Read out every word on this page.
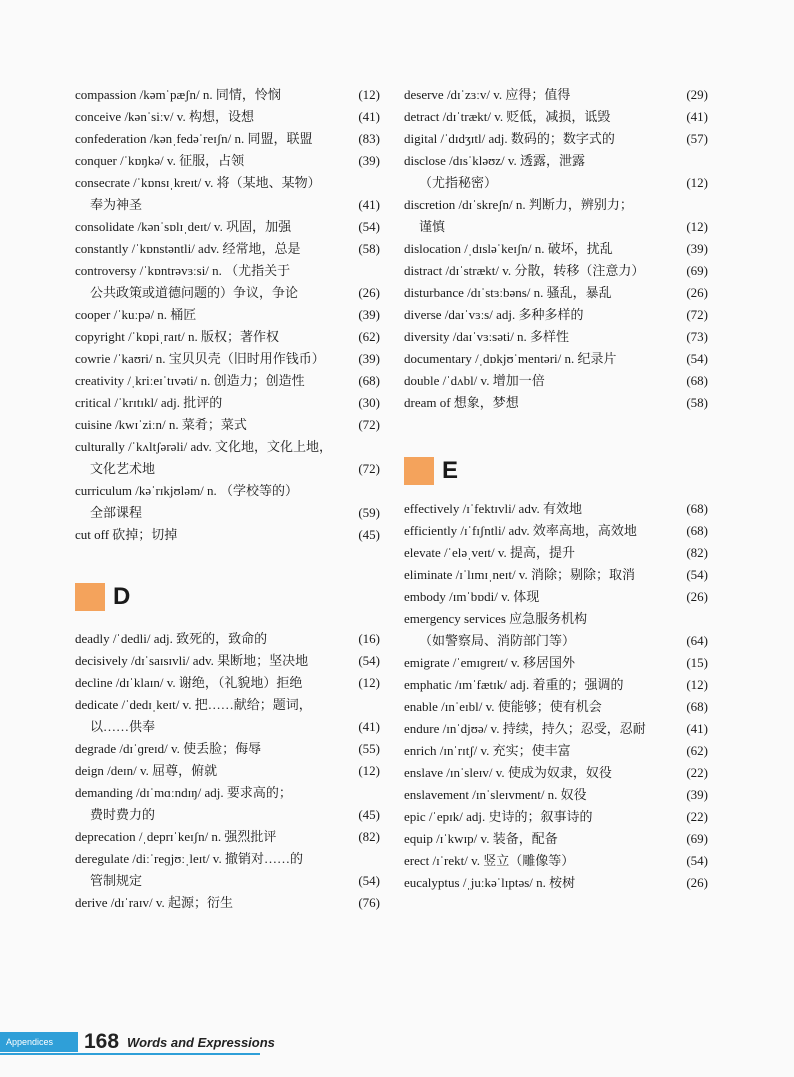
compassion /kəmˈpæʃn/ n. 同情，怜悯	(12)
conceive /kənˈsiːv/ v. 构想，设想	(41)
confederation /kənˌfedəˈreɪʃn/ n. 同盟，联盟	(83)
conquer /ˈkɒŋkə/ v. 征服，占领	(39)
consecrate /ˈkɒnsɪˌkreɪt/ v. 将（某地、某物）
奉为神圣	(41)
consolidate /kənˈsɒlɪˌdeɪt/ v. 巩固，加强	(54)
constantly /ˈkɒnstəntli/ adv. 经常地，总是	(58)
controversy /ˈkɒntrəvɜːsi/ n. （尤指关于
公共政策或道德问题的）争议，争论	(26)
cooper /ˈkuːpə/ n. 桶匠	(39)
copyright /ˈkɒpiˌraɪt/ n. 版权；著作权	(62)
cowrie /ˈkaʊri/ n. 宝贝贝壳（旧时用作钱币）	(39)
creativity /ˌkriːeɪˈtɪvəti/ n. 创造力；创造性	(68)
critical /ˈkrɪtɪkl/ adj. 批评的	(30)
cuisine /kwɪˈziːn/ n. 菜肴；菜式	(72)
culturally /ˈkʌltʃərəli/ adv. 文化地，文化上地，
文化艺术地	(72)
curriculum /kəˈrɪkjʊləm/ n. （学校等的）
全部课程	(59)
cut off 砍掉；切掉	(45)
D
deadly /ˈdedli/ adj. 致死的，致命的	(16)
decisively /dɪˈsaɪsɪvli/ adv. 果断地；坚决地	(54)
decline /dɪˈklaɪn/ v. 谢绝，（礼貌地）拒绝	(12)
dedicate /ˈdedɪˌkeɪt/ v. 把……献给；题词，
以……供奉	(41)
degrade /dɪˈɡreɪd/ v. 使丢脸；侮辱	(55)
deign /deɪn/ v. 屈尊，俯就	(12)
demanding /dɪˈmɑːndɪŋ/ adj. 要求高的；
费时费力的	(45)
deprecation /ˌdeprɪˈkeɪʃn/ n. 强烈批评	(82)
deregulate /diːˈreɡjʊːˌleɪt/ v. 撤销对……的
管制规定	(54)
derive /dɪˈraɪv/ v. 起源；衍生	(76)
deserve /dɪˈzɜːv/ v. 应得；值得	(29)
detract /dɪˈtrækt/ v. 贬低，减损，诋毁	(41)
digital /ˈdɪdʒɪtl/ adj. 数码的；数字式的	(57)
disclose /dɪsˈkləʊz/ v. 透露，泄露
（尤指秘密）	(12)
discretion /dɪˈskreʃn/ n. 判断力，辨别力；
谨慎	(12)
dislocation /ˌdɪsləˈkeɪʃn/ n. 破坏，扰乱	(39)
distract /dɪˈstrækt/ v. 分散，转移（注意力）	(69)
disturbance /dɪˈstɜːbəns/ n. 骚乱，暴乱	(26)
diverse /daɪˈvɜːs/ adj. 多种多样的	(72)
diversity /daɪˈvɜːsəti/ n. 多样性	(73)
documentary /ˌdɒkjʊˈmentəri/ n. 纪录片	(54)
double /ˈdʌbl/ v. 增加一倍	(68)
dream of 想象，梦想	(58)
E
effectively /ɪˈfektɪvli/ adv. 有效地	(68)
efficiently /ɪˈfɪʃntli/ adv. 效率高地，高效地	(68)
elevate /ˈeləˌveɪt/ v. 提高，提升	(82)
eliminate /ɪˈlɪmɪˌneɪt/ v. 消除；剔除；取消	(54)
embody /ɪmˈbɒdi/ v. 体现	(26)
emergency services 应急服务机构
（如警察局、消防部门等）	(64)
emigrate /ˈemɪɡreɪt/ v. 移居国外	(15)
emphatic /ɪmˈfætɪk/ adj. 着重的；强调的	(12)
enable /ɪnˈeɪbl/ v. 使能够；使有机会	(68)
endure /ɪnˈdjʊə/ v. 持续，持久；忍受，忍耐	(41)
enrich /ɪnˈrɪtʃ/ v. 充实；使丰富	(62)
enslave /ɪnˈsleɪv/ v. 使成为奴隶，奴役	(22)
enslavement /ɪnˈsleɪvment/ n. 奴役	(39)
epic /ˈepɪk/ adj. 史诗的；叙事诗的	(22)
equip /ɪˈkwɪp/ v. 装备，配备	(69)
erect /ɪˈrekt/ v. 竖立（雕像等）	(54)
eucalyptus /ˌjuːkəˈlɪptəs/ n. 桉树	(26)
Appendices	168 Words and Expressions
